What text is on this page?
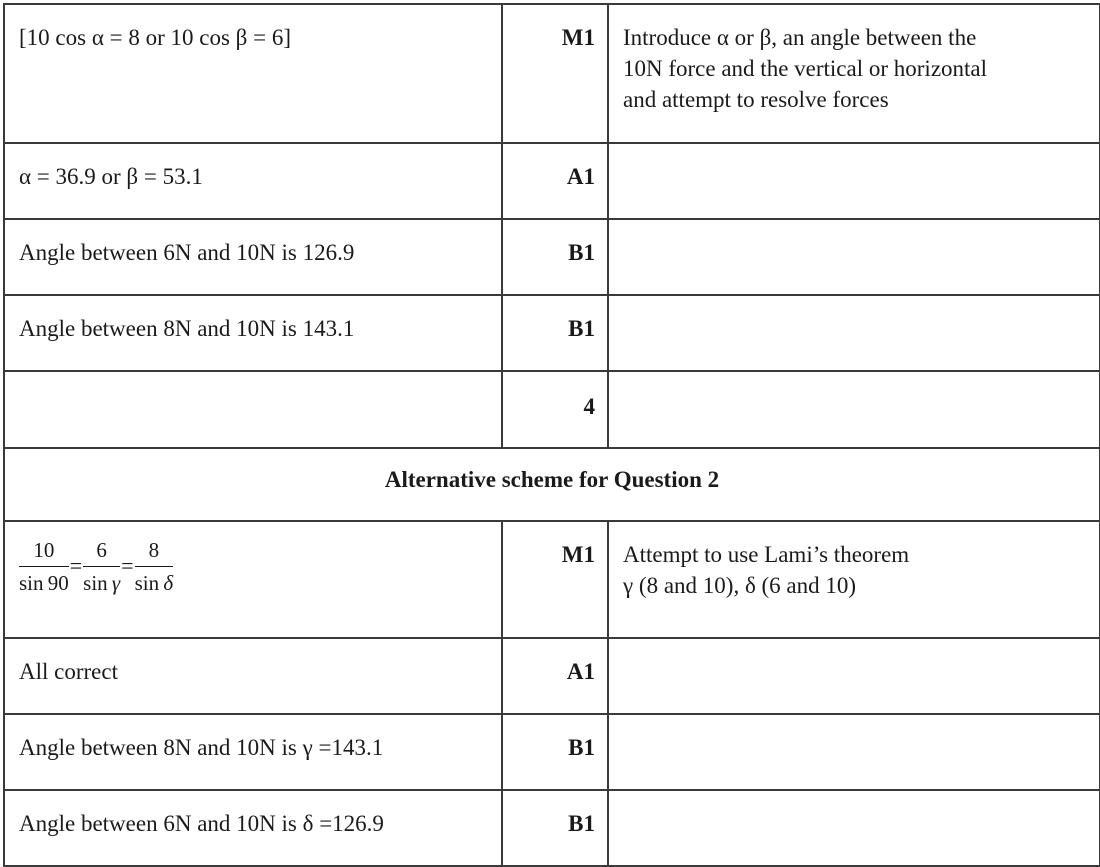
[10 cos α = 8 or 10 cos β = 6]	M1	Introduce α or β, an angle between the
10N force and the vertical or horizontal
and attempt to resolve forces

α = 36.9 or β = 53.1	A1	
Angle between 6N and 10N is 126.9	B1	
Angle between 8N and 10N is 143.1	B1	
	4	
Alternative scheme for Question 2		

$\frac{10}{\sin 90} = \frac{6}{\text{sin  γ}} = \frac{8}{\text{sin  δ}}$	M1	Attempt to use Lami’s theorem
γ (8 and 10), δ (6 and 10)

All correct	A1	
Angle between 8N and 10N is γ =143.1	B1	
Angle between 6N and 10N is δ =126.9	B1	
